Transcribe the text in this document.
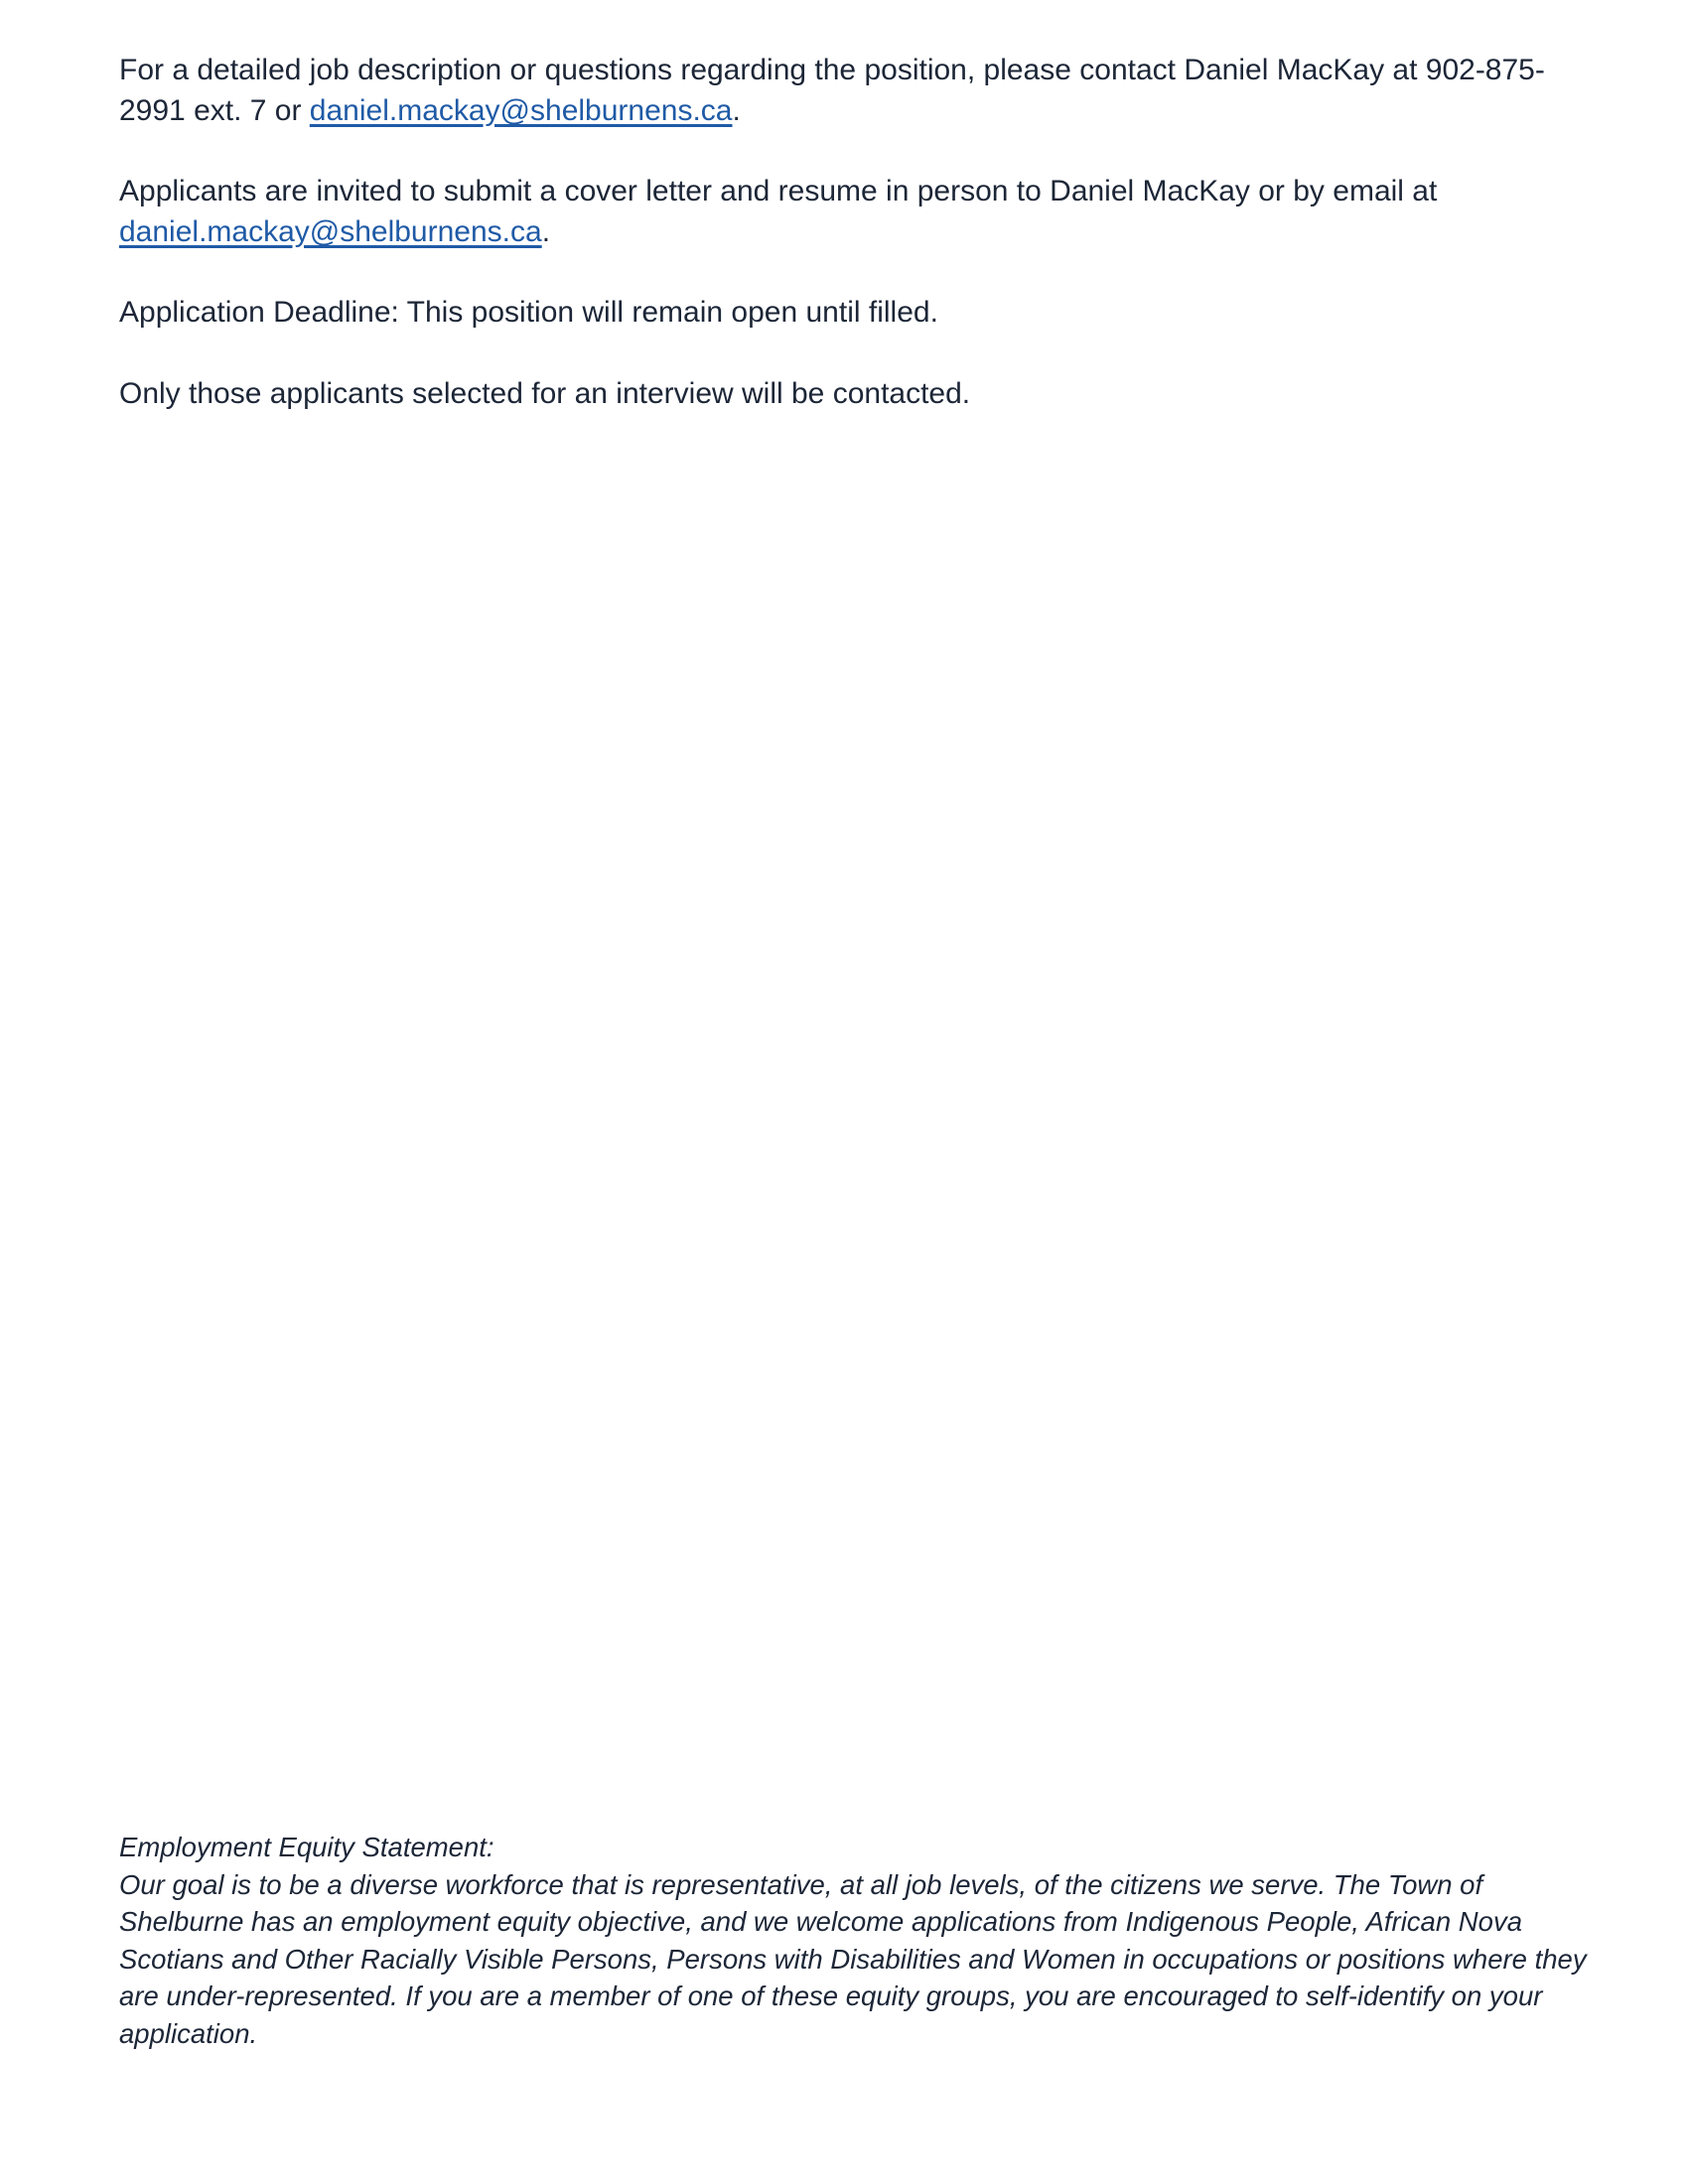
For a detailed job description or questions regarding the position, please contact Daniel MacKay at 902-875-2991 ext. 7 or daniel.mackay@shelburnens.ca.

Applicants are invited to submit a cover letter and resume in person to Daniel MacKay or by email at daniel.mackay@shelburnens.ca.

Application Deadline: This position will remain open until filled.

Only those applicants selected for an interview will be contacted.

Employment Equity Statement:

Our goal is to be a diverse workforce that is representative, at all job levels, of the citizens we serve. The Town of Shelburne has an employment equity objective, and we welcome applications from Indigenous People, African Nova Scotians and Other Racially Visible Persons, Persons with Disabilities and Women in occupations or positions where they are under-represented. If you are a member of one of these equity groups, you are encouraged to self-identify on your application.
